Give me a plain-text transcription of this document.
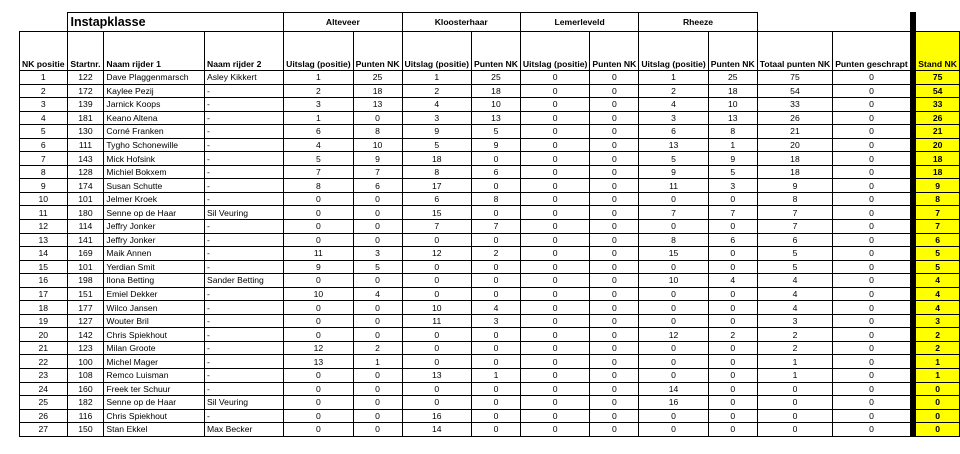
	Instapklasse			Alteveer		Kloosterhaar		Lemerleveld		Rheeze					
NK positie	Startnr.	Naam rijder 1	Naam rijder 2	Uitslag (positie)	Punten NK	Uitslag (positie)	Punten NK	Uitslag (positie)	Punten NK	Uitslag (positie)	Punten NK	Totaal punten NK	Punten geschrapt		Stand NK
1	122	Dave Plaggenmarsch	Asley Kikkert	1	25	1	25	0	0	1	25	75	0		75
2	172	Kaylee Pezij	-	2	18	2	18	0	0	2	18	54	0		54
3	139	Jarnick Koops	-	3	13	4	10	0	0	4	10	33	0		33
4	181	Keano Altena	-	1	0	3	13	0	0	3	13	26	0		26
5	130	Corné Franken	-	6	8	9	5	0	0	6	8	21	0		21
6	111	Tygho Schonewille	-	4	10	5	9	0	0	13	1	20	0		20
7	143	Mick Hofsink	-	5	9	18	0	0	0	5	9	18	0		18
8	128	Michiel Bokxem	-	7	7	8	6	0	0	9	5	18	0		18
9	174	Susan Schutte	-	8	6	17	0	0	0	11	3	9	0		9
10	101	Jelmer Kroek	-	0	0	6	8	0	0	0	0	8	0		8
11	180	Senne op de Haar	Sil Veuring	0	0	15	0	0	0	7	7	7	0		7
12	114	Jeffry Jonker	-	0	0	7	7	0	0	0	0	7	0		7
13	141	Jeffry Jonker	-	0	0	0	0	0	0	8	6	6	0		6
14	169	Maik Annen	-	11	3	12	2	0	0	15	0	5	0		5
15	101	Yerdian Smit	-	9	5	0	0	0	0	0	0	5	0		5
16	198	Ilona Betting	Sander Betting	0	0	0	0	0	0	10	4	4	0		4
17	151	Emiel Dekker	-	10	4	0	0	0	0	0	0	4	0		4
18	177	Wilco Jansen	-	0	0	10	4	0	0	0	0	4	0		4
19	127	Wouter Bril	-	0	0	11	3	0	0	0	0	3	0		3
20	142	Chris Spiekhout	-	0	0	0	0	0	0	12	2	2	0		2
21	123	Milan Groote	-	12	2	0	0	0	0	0	0	2	0		2
22	100	Michel Mager	-	13	1	0	0	0	0	0	0	1	0		1
23	108	Remco Luisman	-	0	0	13	1	0	0	0	0	1	0		1
24	160	Freek ter Schuur	-	0	0	0	0	0	0	14	0	0	0		0
25	182	Senne op de Haar	Sil Veuring	0	0	0	0	0	0	16	0	0	0		0
26	116	Chris Spiekhout	-	0	0	16	0	0	0	0	0	0	0		0
27	150	Stan Ekkel	Max Becker	0	0	14	0	0	0	0	0	0	0		0
